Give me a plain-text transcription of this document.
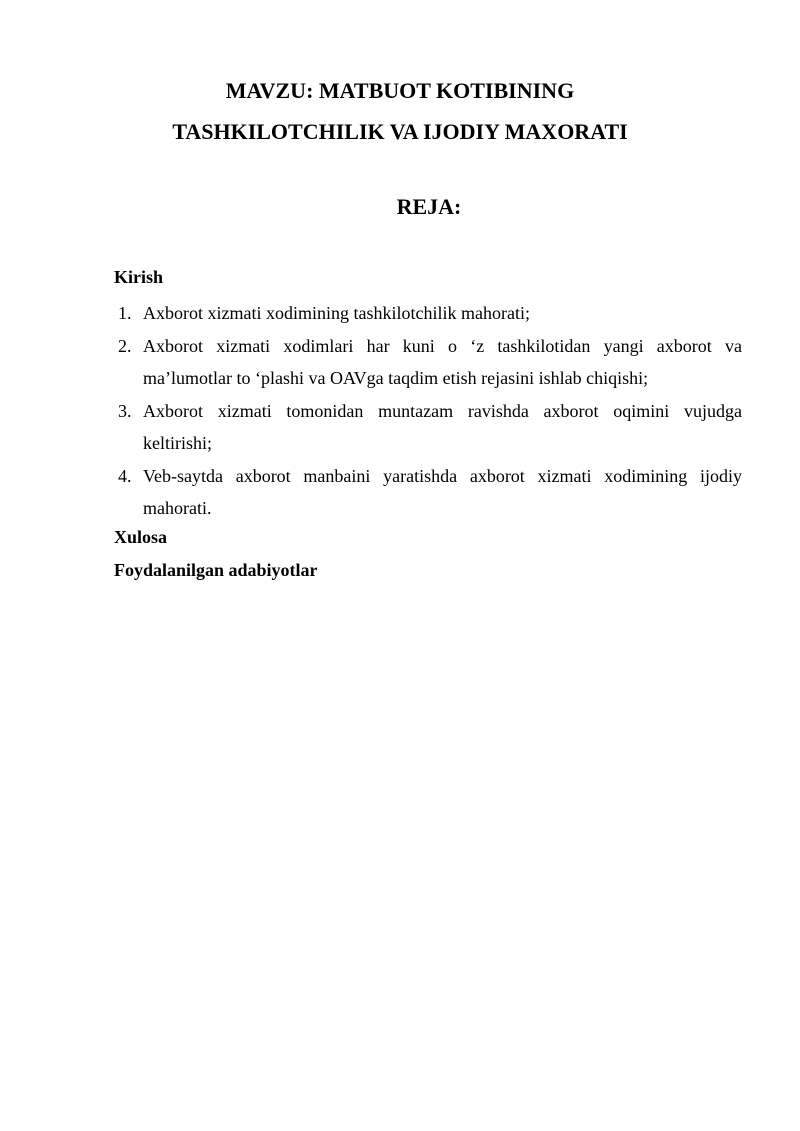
MAVZU: MATBUOT KOTIBINING
TASHKILOTCHILIK VA IJODIY MAXORATI
REJA:
Kirish
1. Axborot xizmati xodimining tashkilotchilik mahorati;
2. Axborot xizmati xodimlari har kuni o ‘z tashkilotidan yangi axborot va ma’lumotlar to ‘plashi va OAVga taqdim etish rejasini ishlab chiqishi;
3. Axborot xizmati tomonidan muntazam ravishda axborot oqimini vujudga keltirishi;
4. Veb-saytda axborot manbaini yaratishda axborot xizmati xodimining ijodiy mahorati.
Xulosa
Foydalanilgan adabiyotlar
